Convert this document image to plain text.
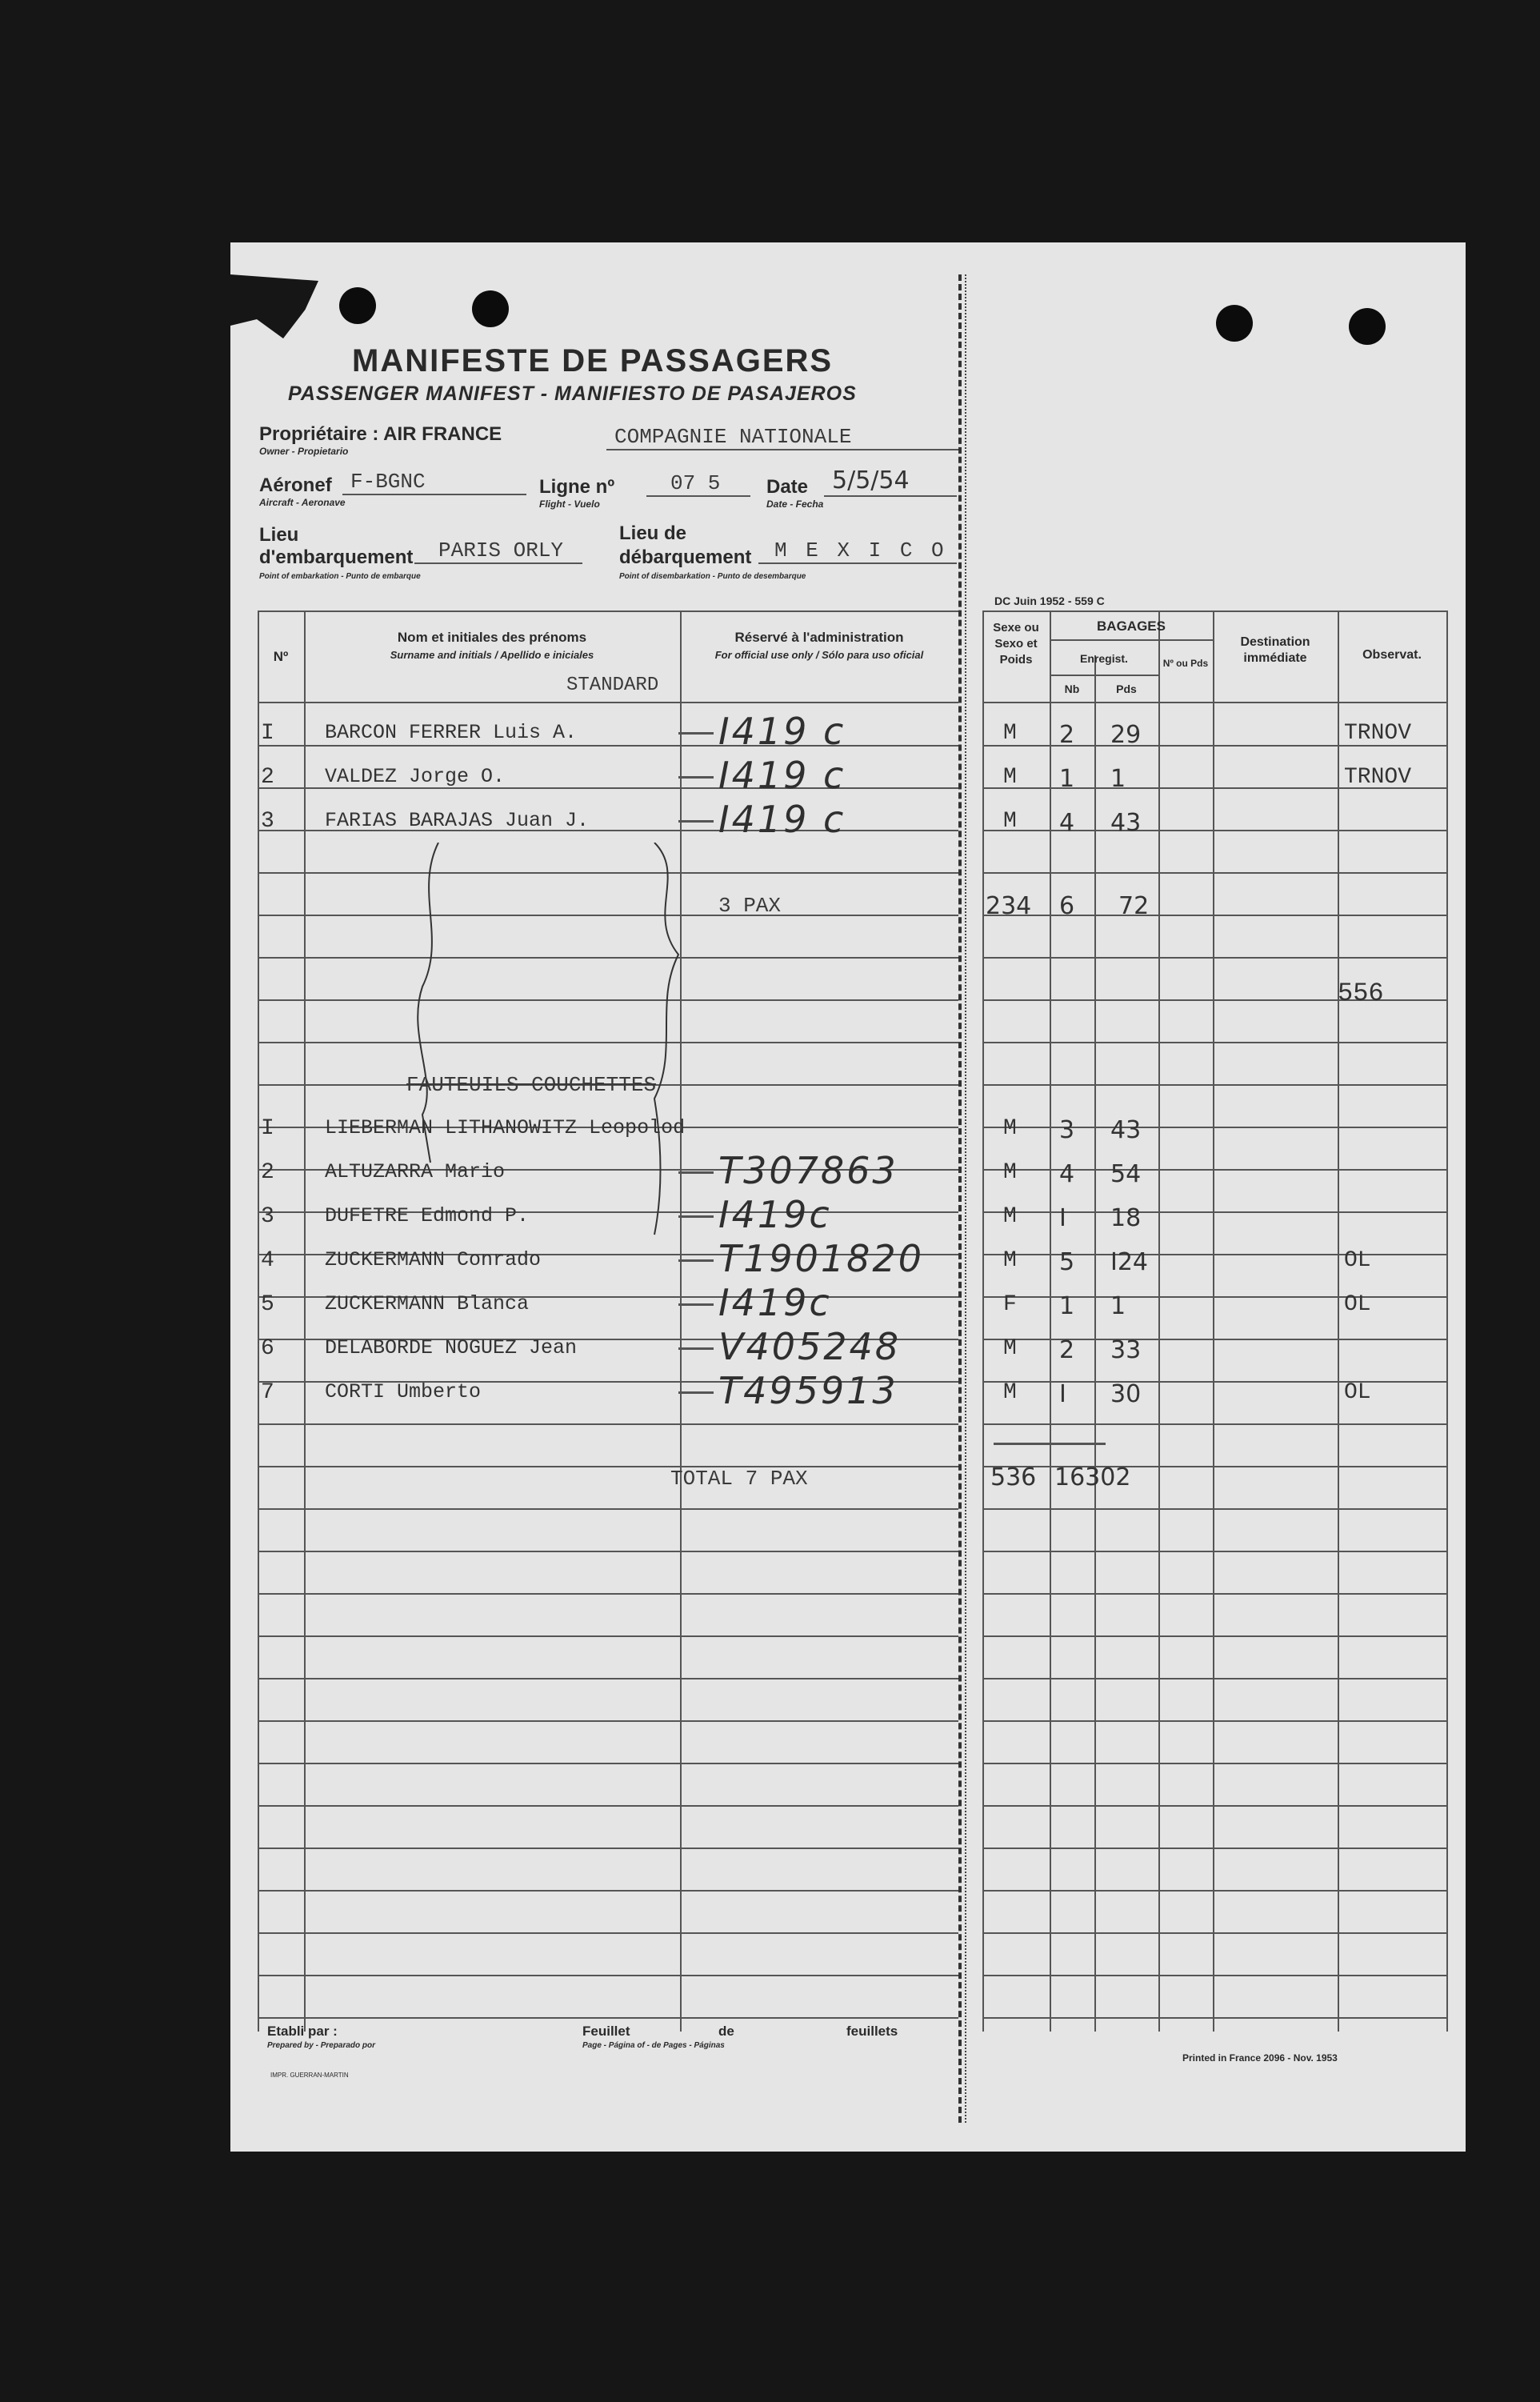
MANIFESTE DE PASSAGERS
PASSENGER MANIFEST - MANIFIESTO DE PASAJEROS
Propriétaire : AIR FRANCE
Owner - Propietario
COMPAGNIE NATIONALE
Aéronef
Aircraft - Aeronave
F-BGNC	Ligne nº
Flight - Vuelo
07 5 Date
Date - Fecha
5/5/54
Lieu
d'embarquement
Point of embarkation - Punto de embarque
PARIS ORLY
Lieu de
débarquement
Point of disembarkation - Punto de desembarque
M E X I C O
DC Juin 1952 - 559 C
Nº
Nom et initiales des prénoms
Surname and initials / Apellido e iniciales
Réservé à l'administration
For official use only / Sólo para uso oficial
Sexe ou Sexo et Poids
BAGAGES
Enregist.
Nb	Pds
Nº ou Pds
Destination immédiate	Observat.
STANDARD
I	BARCON FERRER Luis A.	I419 c	M 2 29	TRNOV
2	VALDEZ Jorge O.	I419 c	M 1 1	TRNOV
3	FARIAS BARAJAS Juan J.	I419 c	M 4 43
3 PAX	234 6 72
556
FAUTEUILS COUCHETTES
I	LIEBERMAN LITHANOWITZ Leopolod	M 3 43
2	ALTUZARRA Mario	T307863	M 4 54
3	DUFETRE Edmond P.	I419c	M I 18
4	ZUCKERMANN Conrado	T1901820	M 5 I24	OL
5	ZUCKERMANN Blanca	I419c	F 1 1	OL
6	DELABORDE NOGUEZ Jean	V405248	M 2 33
7	CORTI Umberto	T495913	M I 30	OL
TOTAL 7 PAX	536 16302
Etabli par :
Prepared by - Preparado por
Feuillet	de	feuillets
Page - Página of - de Pages - Páginas
IMPR. GUERRAN-MARTIN
Printed in France 2096 - Nov. 1953
